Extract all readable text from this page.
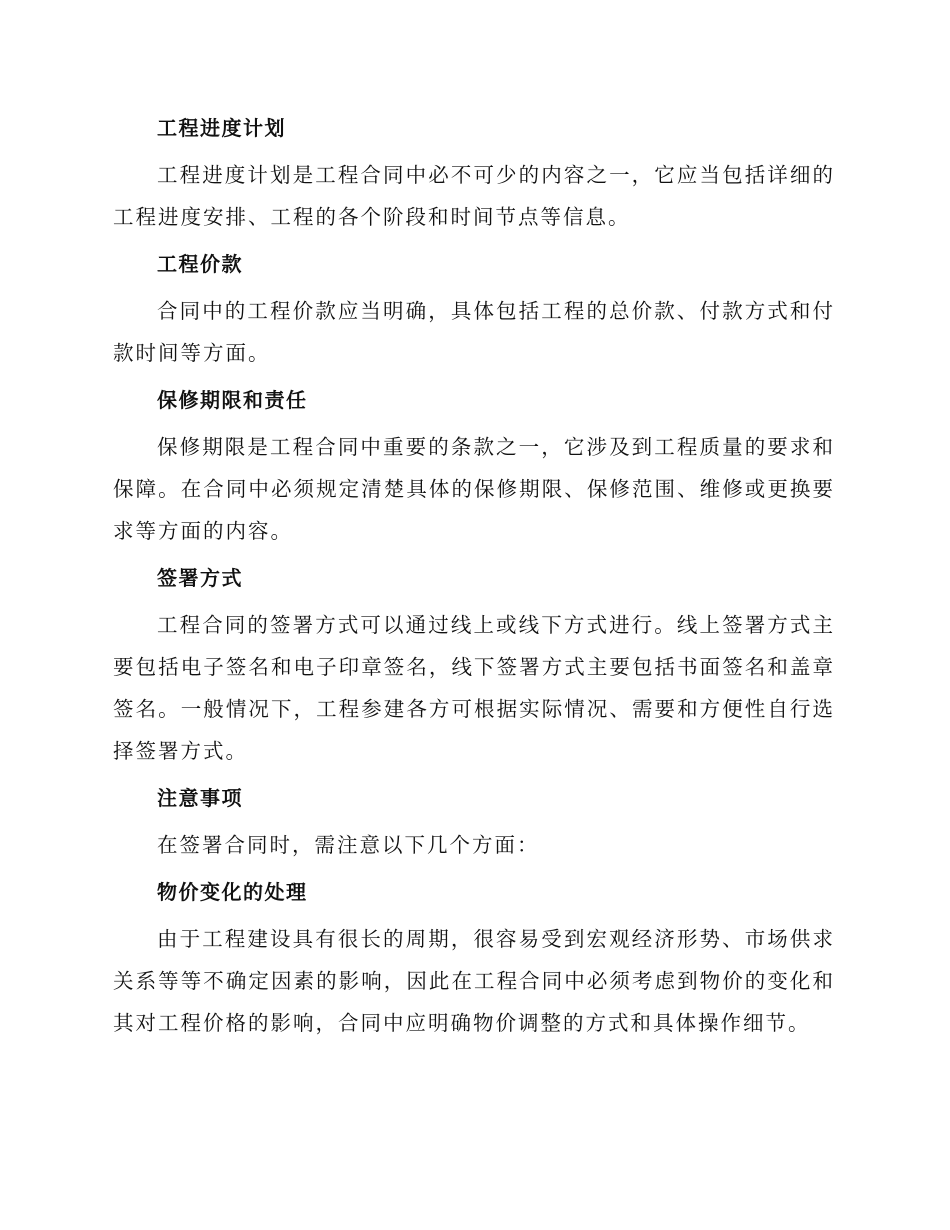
工程进度计划

工程进度计划是工程合同中必不可少的内容之一，它应当包括详细的工程进度安排、工程的各个阶段和时间节点等信息。

工程价款

合同中的工程价款应当明确，具体包括工程的总价款、付款方式和付款时间等方面。

保修期限和责任

保修期限是工程合同中重要的条款之一，它涉及到工程质量的要求和保障。在合同中必须规定清楚具体的保修期限、保修范围、维修或更换要求等方面的内容。

签署方式

工程合同的签署方式可以通过线上或线下方式进行。线上签署方式主要包括电子签名和电子印章签名，线下签署方式主要包括书面签名和盖章签名。一般情况下，工程参建各方可根据实际情况、需要和方便性自行选择签署方式。

注意事项

在签署合同时，需注意以下几个方面：

物价变化的处理

由于工程建设具有很长的周期，很容易受到宏观经济形势、市场供求关系等等不确定因素的影响，因此在工程合同中必须考虑到物价的变化和其对工程价格的影响，合同中应明确物价调整的方式和具体操作细节。
